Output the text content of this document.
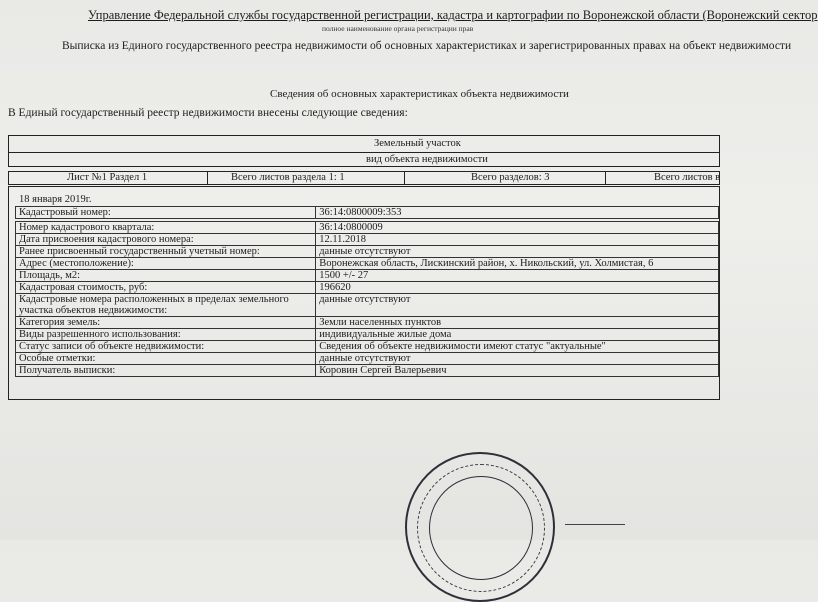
Управление Федеральной службы государственной регистрации, кадастра и картографии по Воронежской области (Воронежский сектор
полное наименование органа регистрации прав
Выписка из Единого государственного реестра недвижимости об основных характеристиках и зарегистрированных правах на объект недвижимости
Сведения об основных характеристиках объекта недвижимости
В Единый государственный реестр недвижимости внесены следующие сведения:
Земельный участок
вид объекта недвижимости
Лист №1 Раздел 1	Всего листов раздела 1: 1	Всего разделов: 3	Всего листов в
18 января 2019г.
Кадастровый номер:	36:14:0800009:353

Номер кадастрового квартала:	36:14:0800009
Дата присвоения кадастрового номера:	12.11.2018
Ранее присвоенный государственный учетный номер:	данные отсутствуют
Адрес (местоположение):	Воронежская область, Лискинский район, х. Никольский, ул. Холмистая, 6
Площадь, м2:	1500 +/- 27
Кадастровая стоимость, руб:	196620

Кадастровые номера расположенных в пределах земельного
участка объектов недвижимости:	данные отсутствуют
Категория земель:	Земли населенных пунктов
Виды разрешенного использования:	индивидуальные жилые дома
Статус записи об объекте недвижимости:	Сведения об объекте недвижимости имеют статус "актуальные"
Особые отметки:	данные отсутствуют
Получатель выписки:	Коровин Сергей Валерьевич
